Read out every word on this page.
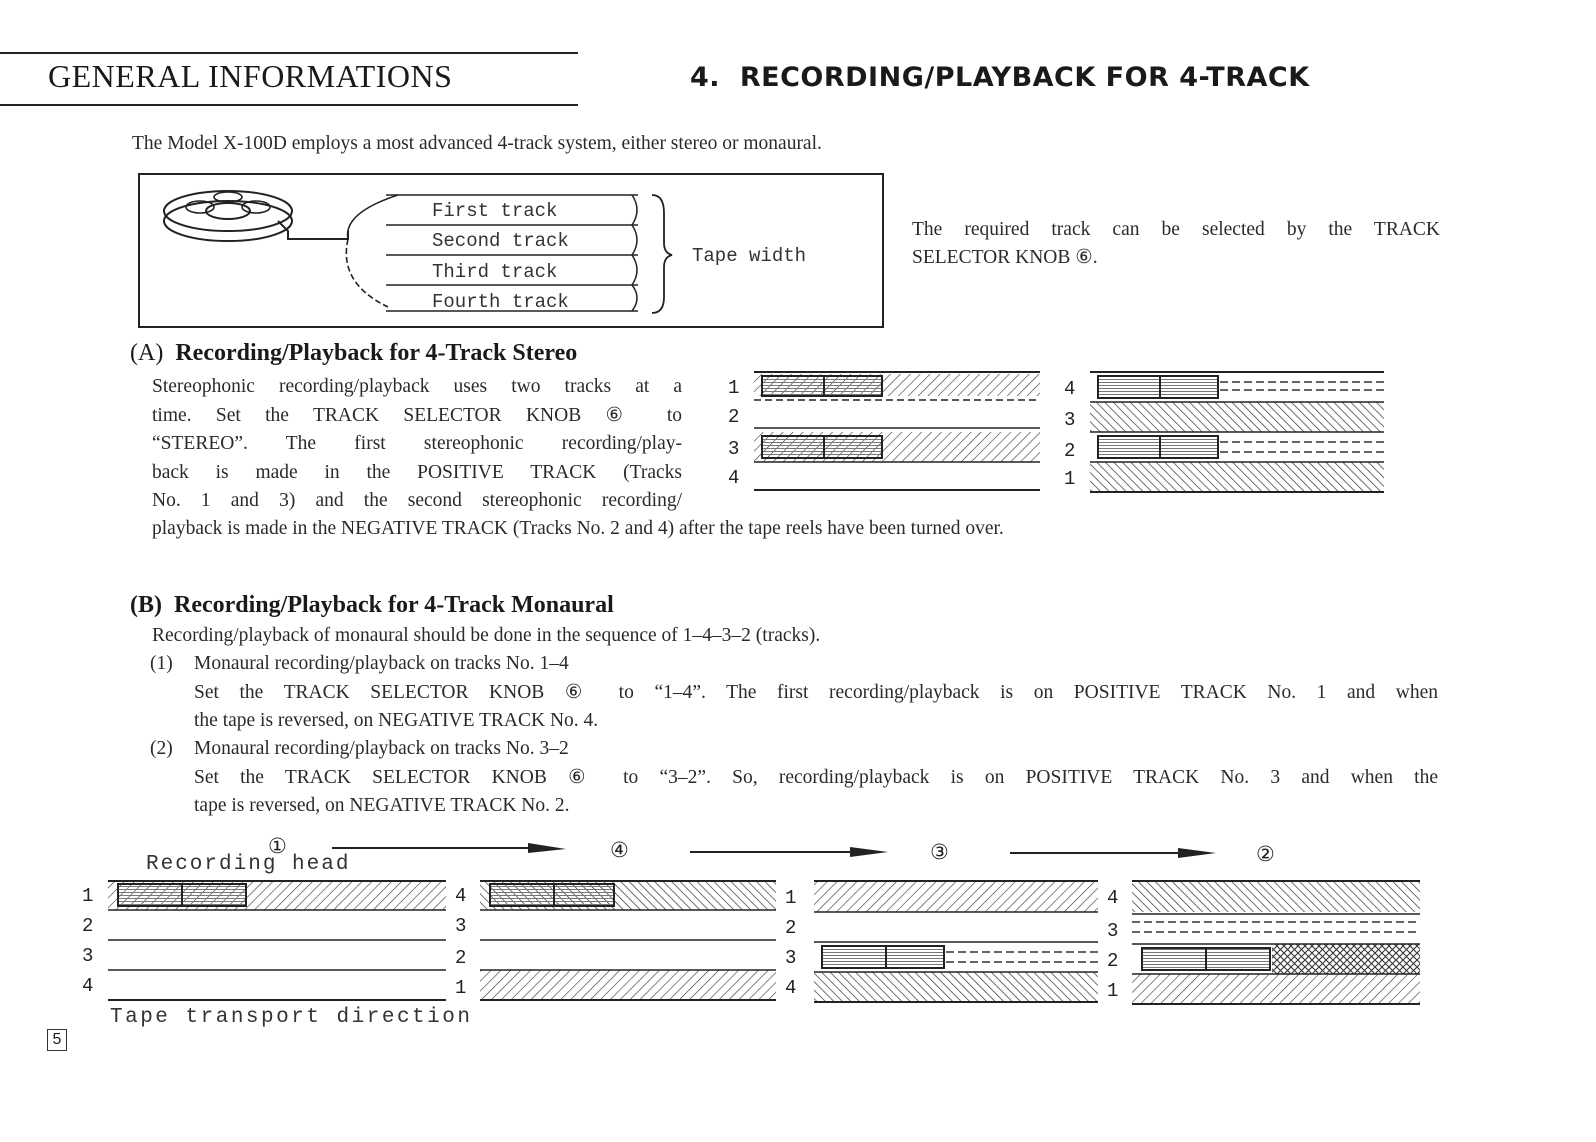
GENERAL INFORMATIONS	4.  RECORDING/PLAYBACK FOR 4-TRACK
The Model X-100D employs a most advanced 4-track system, either stereo or monaural.
First track
Second track
Third track
Fourth track
Tape width
The required track can be selected by the TRACK
SELECTOR KNOB ⑥.
(A) Recording/Playback for 4-Track Stereo
Stereophonic recording/playback uses two tracks at a
time. Set the TRACK SELECTOR KNOB ⑥ to
“STEREO”. The first stereophonic recording/play-
back is made in the POSITIVE TRACK (Tracks
No. 1 and 3) and the second stereophonic recording/
playback is made in the NEGATIVE TRACK (Tracks No. 2 and 4) after the tape reels have been turned over.
1
2
3
4
4
3
2
1
(B) Recording/Playback for 4-Track Monaural
Recording/playback of monaural should be done in the sequence of 1–4–3–2 (tracks).
(1) Monaural recording/playback on tracks No. 1–4
Set the TRACK SELECTOR KNOB ⑥ to “1–4”. The first recording/playback is on POSITIVE TRACK No. 1 and when
the tape is reversed, on NEGATIVE TRACK No. 4.
(2) Monaural recording/playback on tracks No. 3–2
Set the TRACK SELECTOR KNOB ⑥ to “3–2”. So, recording/playback is on POSITIVE TRACK No. 3 and when the
tape is reversed, on NEGATIVE TRACK No. 2.
①	④	③	②
Recording head
1
2
3
4
4
3
2
1
1
2
3
4
4
3
2
1
Tape transport direction
5
